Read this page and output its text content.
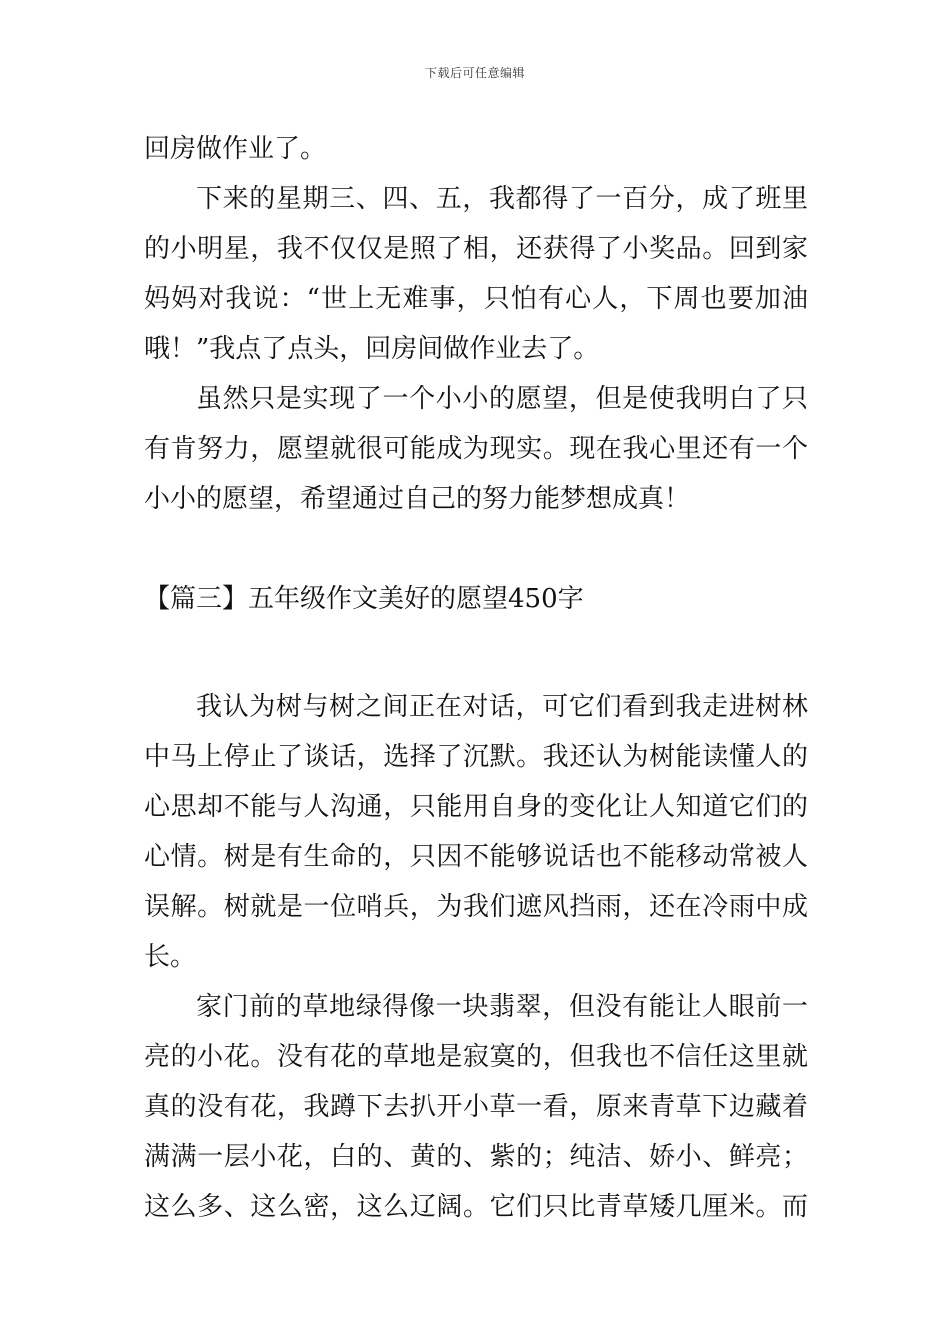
下载后可任意编辑
回房做作业了。
下来的星期三、四、五，我都得了一百分，成了班里
的小明星，我不仅仅是照了相，还获得了小奖品。回到家
妈妈对我说：“世上无难事，只怕有心人，下周也要加油
哦！”我点了点头，回房间做作业去了。
虽然只是实现了一个小小的愿望，但是使我明白了只
有肯努力，愿望就很可能成为现实。现在我心里还有一个
小小的愿望，希望通过自己的努力能梦想成真！
【篇三】五年级作文美好的愿望450字
我认为树与树之间正在对话，可它们看到我走进树林
中马上停止了谈话，选择了沉默。我还认为树能读懂人的
心思却不能与人沟通，只能用自身的变化让人知道它们的
心情。树是有生命的，只因不能够说话也不能移动常被人
误解。树就是一位哨兵，为我们遮风挡雨，还在冷雨中成
长。
家门前的草地绿得像一块翡翠，但没有能让人眼前一
亮的小花。没有花的草地是寂寞的，但我也不信任这里就
真的没有花，我蹲下去扒开小草一看，原来青草下边藏着
满满一层小花，白的、黄的、紫的；纯洁、娇小、鲜亮；
这么多、这么密，这么辽阔。它们只比青草矮几厘米。而
